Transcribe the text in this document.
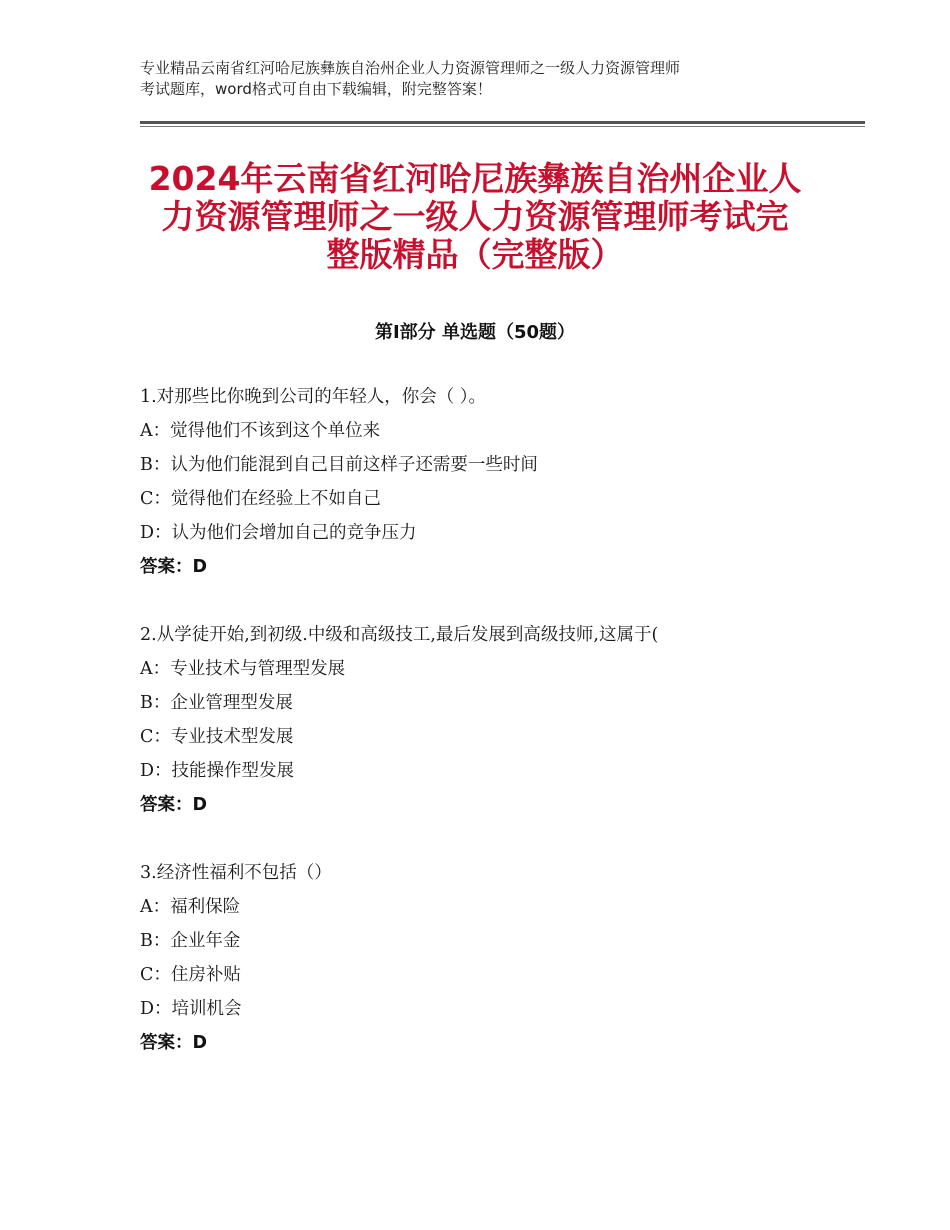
专业精品云南省红河哈尼族彝族自治州企业人力资源管理师之一级人力资源管理师
考试题库，word格式可自由下载编辑，附完整答案！
2024年云南省红河哈尼族彝族自治州企业人
力资源管理师之一级人力资源管理师考试完
整版精品（完整版）
第Ⅰ部分 单选题（50题）
1.对那些比你晚到公司的年轻人，你会（ ）。
A：觉得他们不该到这个单位来
B：认为他们能混到自己目前这样子还需要一些时间
C：觉得他们在经验上不如自己
D：认为他们会增加自己的竞争压力
答案：D
2.从学徒开始,到初级.中级和高级技工,最后发展到高级技师,这属于(
A：专业技术与管理型发展
B：企业管理型发展
C：专业技术型发展
D：技能操作型发展
答案：D
3.经济性福利不包括（）
A：福利保险
B：企业年金
C：住房补贴
D：培训机会
答案：D
